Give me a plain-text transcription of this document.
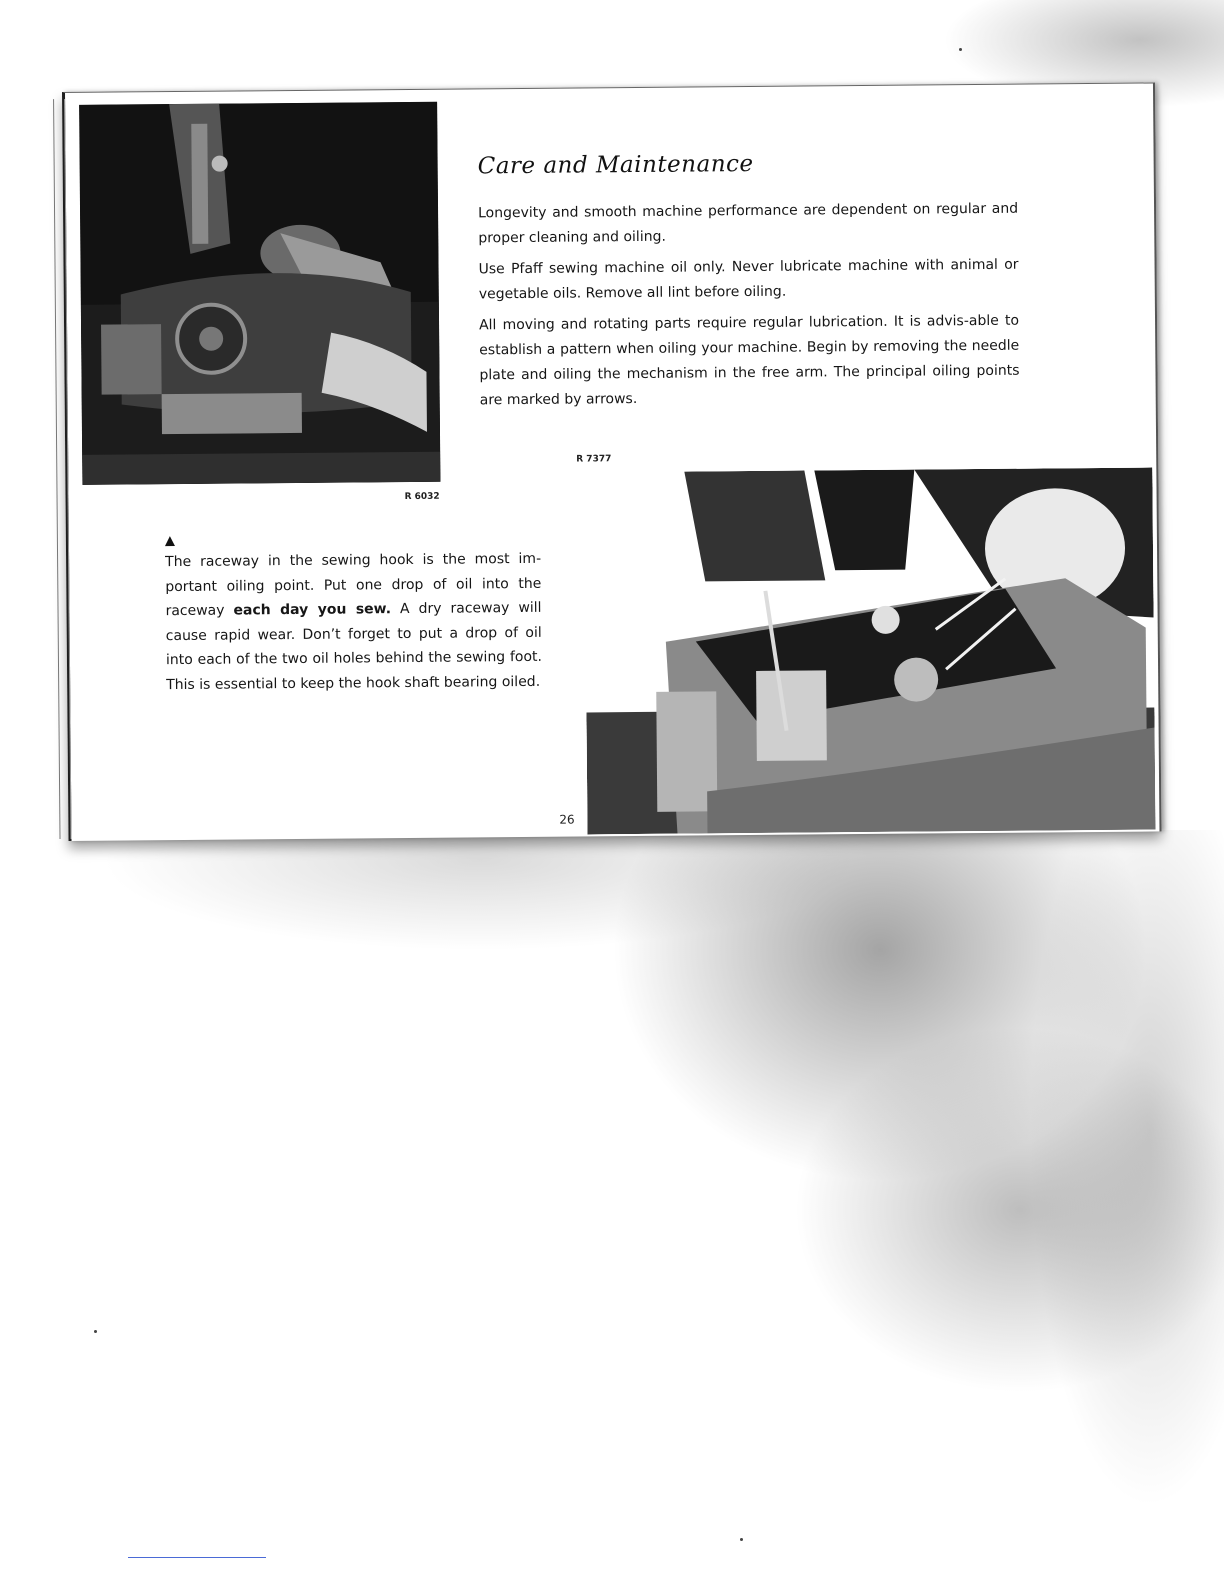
R 6032
Care and Maintenance

Longevity and smooth machine performance are dependent on regular and proper cleaning and oiling.

Use Pfaff sewing machine oil only. Never lubricate machine with animal or vegetable oils. Remove all lint before oiling.

All moving and rotating parts require regular lubrication. It is advis-able to establish a pattern when oiling your machine. Begin by removing the needle plate and oiling the mechanism in the free arm. The principal oiling points are marked by arrows.

R 7377
The raceway in the sewing hook is the most im-portant oiling point. Put one drop of oil into the raceway each day you sew. A dry raceway will cause rapid wear. Don’t forget to put a drop of oil into each of the two oil holes behind the sewing foot. This is essential to keep the hook shaft bearing oiled.
26
